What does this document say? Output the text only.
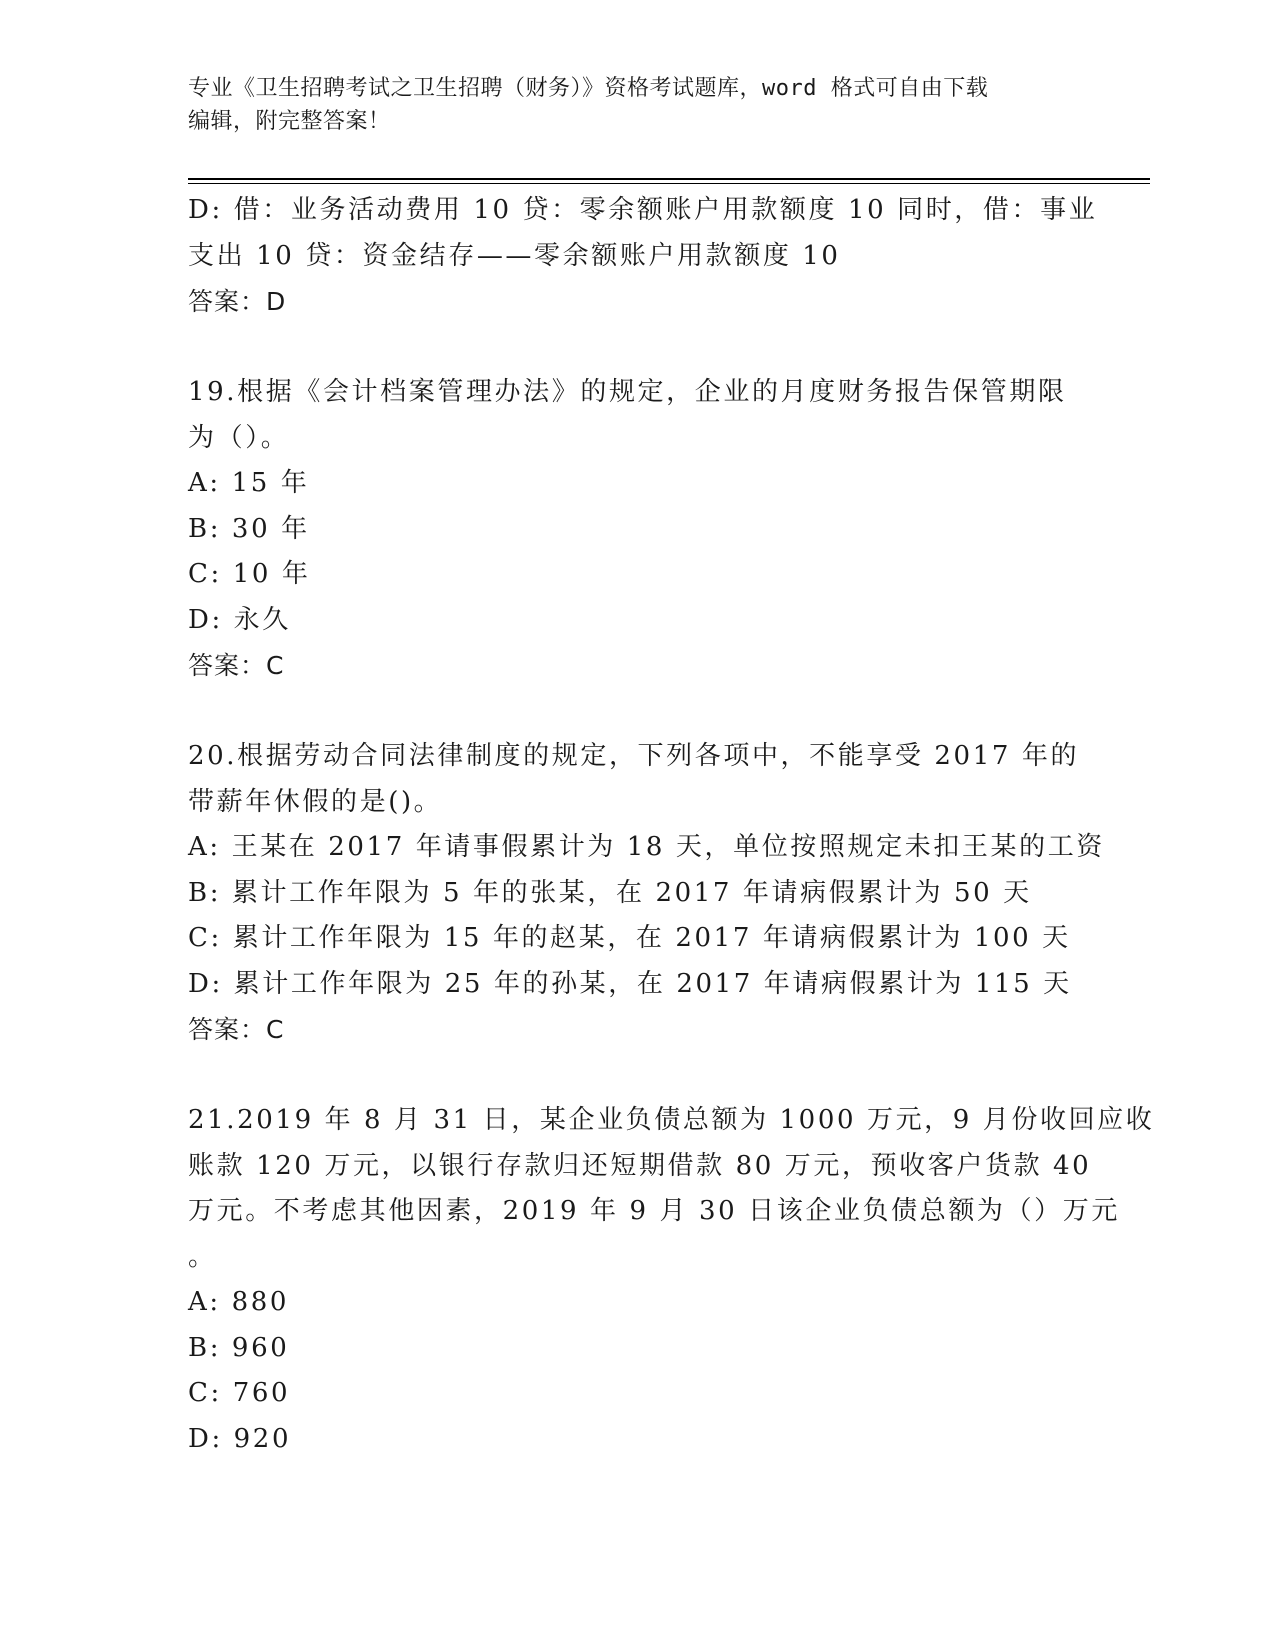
专业《卫生招聘考试之卫生招聘（财务）》资格考试题库，word 格式可自由下载
编辑，附完整答案！
D: 借：业务活动费用 10 贷：零余额账户用款额度 10 同时，借：事业
支出 10 贷：资金结存——零余额账户用款额度 10
答案：D
19.根据《会计档案管理办法》的规定，企业的月度财务报告保管期限
为（）。
A: 15 年
B: 30 年
C: 10 年
D: 永久
答案：C
20.根据劳动合同法律制度的规定，下列各项中，不能享受 2017 年的
带薪年休假的是()。
A: 王某在 2017 年请事假累计为 18 天，单位按照规定未扣王某的工资
B: 累计工作年限为 5 年的张某，在 2017 年请病假累计为 50 天
C: 累计工作年限为 15 年的赵某，在 2017 年请病假累计为 100 天
D: 累计工作年限为 25 年的孙某，在 2017 年请病假累计为 115 天
答案：C
21.2019 年 8 月 31 日，某企业负债总额为 1000 万元，9 月份收回应收
账款 120 万元，以银行存款归还短期借款 80 万元，预收客户货款 40
万元。不考虑其他因素，2019 年 9 月 30 日该企业负债总额为（）万元
。
A: 880
B: 960
C: 760
D: 920
